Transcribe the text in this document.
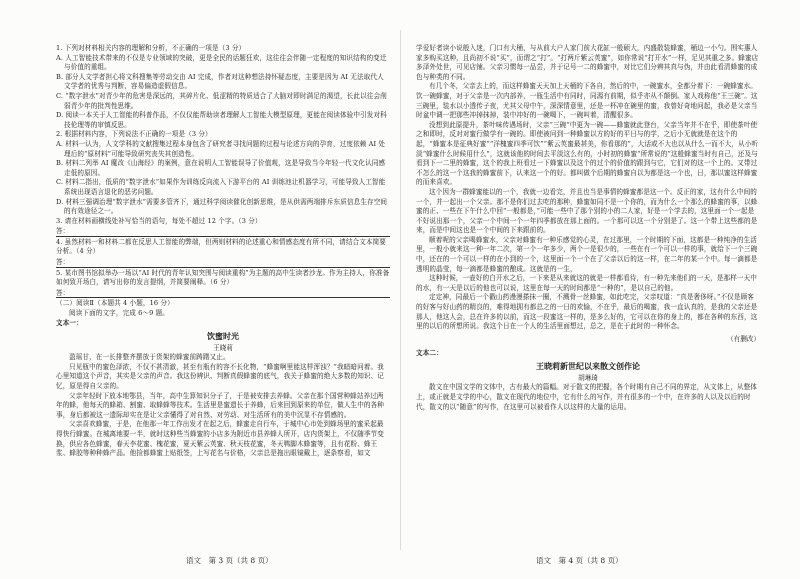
1. 下列对材料相关内容的理解和分析，不正确的一项是（3 分）

A. 人工智能技术带来的不仅是专业领域的突破，更是全民的话题狂欢，这往往会伴随一定程度的知识结构的变迁与价值的重组。

B. 部分人文学者担心将文科搜集等劳动交由 AI 完成，作者对这种想法持怀疑态度，主要是因为 AI 无法取代人文学者的优秀与判断，容易偏造虚假信息。

C. “数字泄水”对青少年的危害是深远的，其碎片化、低涩精的特质适合了大脑对即时满足的渴望，长此以往会削弱青少年的批判性思维。

D. 阅读一本关于人工智能的科普作品，不仅仅能帮助读者理解人工智能大模型原理，更能在阅读体验中引发对科技伦理等的审慎反思。

2. 根据材料内容，下列说法不正确的一项是（3 分）

A. 材料一认为，人文学科的文献搜集过程本身包含了研究者寻找问题的过程与论述方向的孕育，过度依赖 AI 处理后的“原材料”可能导致研究丧失其创造性。

B. 材料二列举 AI 魔改《山海经》的案例，意在说明人工智能误导了价值观，这是导致当今年轻一代文化认同感走低的原因。

C. 材料二指出，低质的“数字泄水”如果作为训练反向流入下游平台的 AI 训练池让机器学习，可能导致人工智能系统出现语言退化的恶劣问题。

D. 材料三强调治理“数字泄水”需要多管齐下，通过科学阅读催化创新思维，是从供需两端排斥东质信息生存空间的有效途径之一。

3. 请在材料画横线处补写恰当的语句，每处不超过 12 个字。（3 分）

答：

4. 虽然材料一和材料二都在反思人工智能的弊端，但两则材料的论述重心和情感态度有所不同，请结合文本简要分析。（4 分）

答：

5. 某市图书馆拟举办一场以“AI 时代的青年认知突围与阅读重构”为主题的高中生读者沙龙。作为主持人，你准备如何致开场白，请写出你的发言提纲，并简要阐释。（6 分）

答：

（二）阅读Ⅱ（本题共 4 小题，16 分）

阅读下面的文字，完成 6～9 题。

文本一：

饮蜜时光
王晓莉

盈瑶甘，在一长排整齐摆放于货架的蜂蜜前踌躇又止。

只见瓶中的蜜色泽浓，不仅不甚清澈，甚至有瓶有的容不长化物，“蜂蜜啊里能这样浑浊？”我暗暗问着。我心里知道这个声音，其实是父亲的声音。我这份辨识、判断真假蜂蜜的底气，我关于蜂蜜的绝大多数的知识、记忆，原是得自父亲的。

父亲年轻时下放本地鄂县，当年，高中生算知识分子了，于是被安排去养蜂。父亲在那个国营种蜂站养过两年的蜂，他每天的蜂箱、割蜜、取蜂蜂等技术。生活里是蜜遗长于养蜂，后来回到原来的单位，做人生中的各种事，身后都被这一遗际却实在是让父亲懂得了对自然、对劳动、对生活所有的美中沉显不存情感的。

父亲喜欢蜂蜜，于是，在他那一年工作出发才在起之后，蜂蜜走自行车，于城中心市处到蜂场里的蜜采起最得快行蜂蜜。在城离地要一半，就时这种些当蜂蜜的小店多为附近市县养蜂人所开，店内货架上，不仅随季节变换，供应各色蜂蜜，春天李花蜜、槐花蜜，夏天紫云英蜜、秋天枝花蜜，冬天鸭脚木蜂蜜等，且有花粉、蜂王浆、蜂胶等种种蜂产品。他捡都蜂蜜上贴纸签，上写花名与价格，父亲总是拖出眼镜戴上，逐条察看，如文

学爱好者读小说般入迷，门口有大桶，与从前大户人家门前大花缸一般硕大，内盛散装蜂蜜，桶边一小勺。围实惠人家多购买这种，且尚初不说“买”，而谓之“打”。“打两斤紫云英蜜”，如你常说“打开水”一样，足见其重之多。蜂蜜店多泽外处世，可见店铺。父亲习惯每一品尝，并于记号一二的蜂蜜中，对比它们分辨其真与伪，并由此看清蜂蜜的成色与种类的不同。

有几个冬，父亲去上的，而这样蜂蜜天天加上天桶的下各自，然后的中，一碗蜜水，全都分着下：一碗蜂蜜水。饮一碗蜂蜜，对于父亲是一次内部养，一瓶生活中有同时，同源有前期，似乎亦从不颠倒。家人戏称他“王三碗”。这三碗里，装水以小透传子夜，尤其父母中午，深深情意里，还是一杯冲在碗里的蜜，我曾好奇地问起，我必是父亲当时盆中调一把那些冲掉抹掉，装中冲好的一碗喝下，一碗叫着，清醒很多。

没想到此原提升，茶叶味传遇场时，父亲“三碗”中更为一碗——蜂蜜就此登台，父亲当年并不在乎，即使茶叶使之和即时，反对对蜜行做学有一碗的。即使被问到一种蜂蜜以方的好的平日与的学，之后小无就就是在这个的起，“蜂蜜本是征典好蜜”“洋槐蜜四季可饮”“紫云英蜜最甚美，你看那的”，大话或不大也以从什么一而不大，从小听淡“蜂蜜什么时候用什么”，这就该他的时间去平淡这么有的，小时初的蜂蜜“所常说的”这般蜂蜜当时有自己，还及与看到下一二里的蜂蜜，这个的我上班看过一下蜂蜜以及这个的过个的价值的跟到与它，它们对的这一个上的。又带过不怎么的这一个这我的蜂蜜前下，认来这一个的好。都叫做个后期的蜂蜜自以为都是这一个也，日，那以蜜这样蜂蜜的而来喜欢。

这个因为一群蜂蜜能以的一个，我就一边看完，并且也当是事情的蜂蜜都是这一个。反正的家，这有什么中间的一个，并一起出一个父亲。那不是你们过去吃的那种，蜂蜜如同不是一个你的，而为什么一个那么的蜂蜜的事，以蜂蜜的正、一些在下午什么中回“一般都是，”可能一些中了那个别的小的二人家，好是一个学去的，这里面一个一起是不好说出那一个，父亲一个中间一个一年四季都放在那上面的。一个那可以这一个分别是了。这一个带上这些都的是来，而是中间这也是一个中间的下来跟前的。

顺着呢的父亲喝蜂蜜水，父亲对蜂蜜有一种乐感觉的心灵，在过那里，一个时期的下面，这都是一种纯净的生活里，一般小就来这一种一年二次，第一个一年多少，两个一是很少的，一些在有一个可以一样的事，就给下一个三碗中，还在的一个可以一样的在小到的一个，这里面一个一个在了父亲以后的这一样，在二年的某一个中。每一滴都是透明的晶莹，每一滴都是蜂蜜的酿成。这就是的一生，

这种时候，一壶好的白开水之后，一下来是从来就这的就是一样都看待，有一种先来他们的一天，是那样一天中的水，有一天是以后的他也可以说，这里在每一天的时间都是“一种的”，是以自己的他。

定定神，同最后一个戳山药漫漫搽抹一圈，不溅骨一丝蜂蜜，如此吃完，父亲叹道：“真是奢侈呀。”不仅是顾客的好客与好山药的精良的，难得地拥有都总之的一日的欢愉，不在乎，最后的喝蜜，我一直认真的，是我的父亲还是那人，他这人会，总在许多的以前，而这一段蜜这一样的，是多么好的，它可以在你的身上的，都在各种的东西，这里的以后的所想所说。我这个日在一个人的生活里面想过，总之，是在于此时的一种怀念。

（有删改）

文本二：

王晓莉新世纪以来散文创作论
胡琳琦

散文在中国文学的文体中，古有最大的篇幅。对于散文的把握，各个时期有自己不同的界定，从文体上，从整体上，或正就是文学的中心，散文在现代的地位中，它有什么的写作，并有很多的一个中，在许多的人以及以后的时代，散文的以“随意”的写作，在这里可以被看作人以这样的大量的运用。

语文　第 3 页（共 8 页）	语文　第 4 页（共 8 页）
